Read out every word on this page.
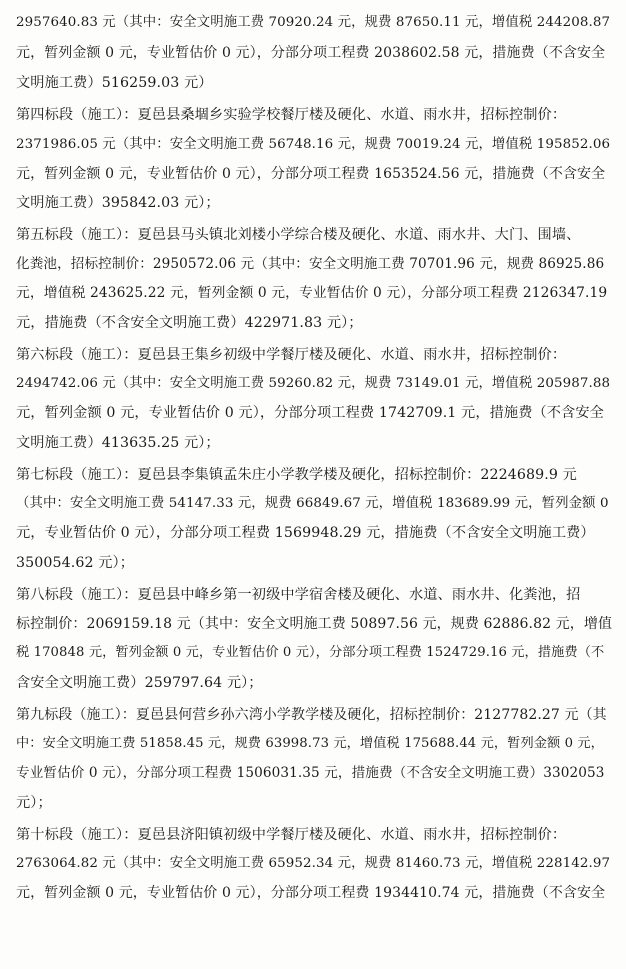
2957640.83 元（其中：安全文明施工费 70920.24 元，规费 87650.11 元，增值税 244208.87
元，暂列金额 0 元，专业暂估价 0 元），分部分项工程费 2038602.58 元，措施费（不含安全
文明施工费）516259.03 元）
第四标段（施工）：夏邑县桑堌乡实验学校餐厅楼及硬化、水道、雨水井，招标控制价：
2371986.05 元（其中：安全文明施工费 56748.16 元，规费 70019.24 元，增值税 195852.06
元，暂列金额 0 元，专业暂估价 0 元），分部分项工程费 1653524.56 元，措施费（不含安全
文明施工费）395842.03 元）；
第五标段（施工）：夏邑县马头镇北刘楼小学综合楼及硬化、水道、雨水井、大门、围墙、
化粪池，招标控制价：2950572.06 元（其中：安全文明施工费 70701.96 元，规费 86925.86
元，增值税 243625.22 元，暂列金额 0 元，专业暂估价 0 元），分部分项工程费 2126347.19
元，措施费（不含安全文明施工费）422971.83 元）；
第六标段（施工）：夏邑县王集乡初级中学餐厅楼及硬化、水道、雨水井，招标控制价：
2494742.06 元（其中：安全文明施工费 59260.82 元，规费 73149.01 元，增值税 205987.88
元，暂列金额 0 元，专业暂估价 0 元），分部分项工程费 1742709.1 元，措施费（不含安全
文明施工费）413635.25 元）；
第七标段（施工）：夏邑县李集镇孟朱庄小学教学楼及硬化，招标控制价：2224689.9 元
（其中：安全文明施工费 54147.33 元，规费 66849.67 元，增值税 183689.99 元，暂列金额 0
元，专业暂估价 0 元），分部分项工程费 1569948.29 元，措施费（不含安全文明施工费）
350054.62 元）；
第八标段（施工）：夏邑县中峰乡第一初级中学宿舍楼及硬化、水道、雨水井、化粪池，招
标控制价：2069159.18 元（其中：安全文明施工费 50897.56 元，规费 62886.82 元，增值
税 170848 元，暂列金额 0 元，专业暂估价 0 元），分部分项工程费 1524729.16 元，措施费（不
含安全文明施工费）259797.64 元）；
第九标段（施工）：夏邑县何营乡孙六湾小学教学楼及硬化，招标控制价：2127782.27 元（其
中：安全文明施工费 51858.45 元，规费 63998.73 元，增值税 175688.44 元，暂列金额 0 元，
专业暂估价 0 元），分部分项工程费 1506031.35 元，措施费（不含安全文明施工费）3302053
元）；
第十标段（施工）：夏邑县济阳镇初级中学餐厅楼及硬化、水道、雨水井，招标控制价：
2763064.82 元（其中：安全文明施工费 65952.34 元，规费 81460.73 元，增值税 228142.97
元，暂列金额 0 元，专业暂估价 0 元），分部分项工程费 1934410.74 元，措施费（不含安全
